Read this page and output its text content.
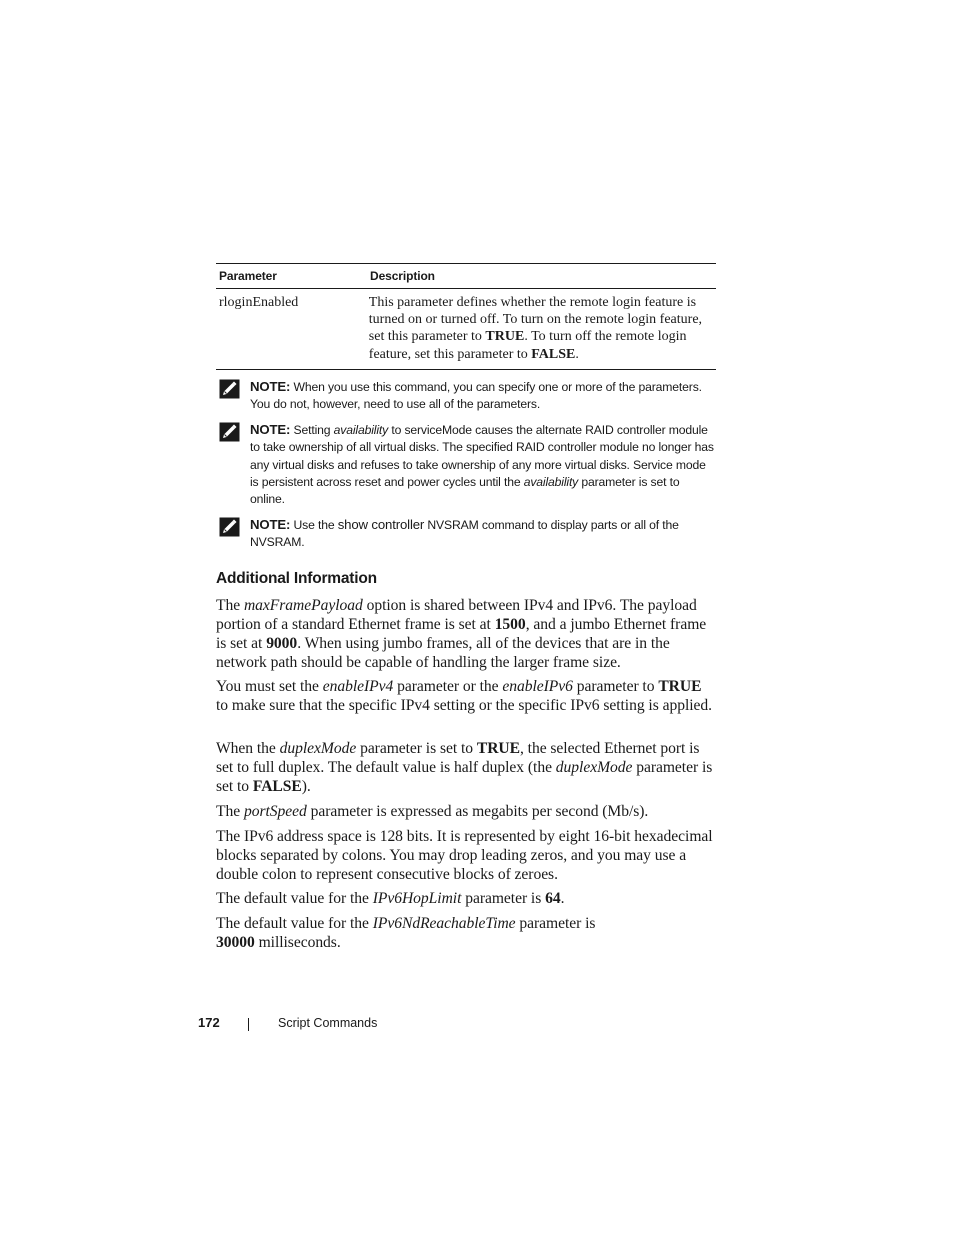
Parameter	Description
rloginEnabled	This parameter defines whether the remote login feature is turned on or turned off. To turn on the remote login feature, set this parameter to TRUE. To turn off the remote login feature, set this parameter to FALSE.
NOTE: When you use this command, you can specify one or more of the parameters. You do not, however, need to use all of the parameters.
NOTE: Setting availability to serviceMode causes the alternate RAID controller module to take ownership of all virtual disks. The specified RAID controller module no longer has any virtual disks and refuses to take ownership of any more virtual disks. Service mode is persistent across reset and power cycles until the availability parameter is set to online.
NOTE: Use the show controller NVSRAM command to display parts or all of the NVSRAM.
Additional Information

The maxFramePayload option is shared between IPv4 and IPv6. The payload portion of a standard Ethernet frame is set at 1500, and a jumbo Ethernet frame is set at 9000. When using jumbo frames, all of the devices that are in the network path should be capable of handling the larger frame size.

You must set the enableIPv4 parameter or the enableIPv6 parameter to TRUE to make sure that the specific IPv4 setting or the specific IPv6 setting is applied.

When the duplexMode parameter is set to TRUE, the selected Ethernet port is set to full duplex. The default value is half duplex (the duplexMode parameter is set to FALSE).

The portSpeed parameter is expressed as megabits per second (Mb/s).

The IPv6 address space is 128 bits. It is represented by eight 16-bit hexadecimal blocks separated by colons. You may drop leading zeros, and you may use a double colon to represent consecutive blocks of zeroes.

The default value for the IPv6HopLimit parameter is 64.

The default value for the IPv6NdReachableTime parameter is
30000 milliseconds.

172	Script Commands
